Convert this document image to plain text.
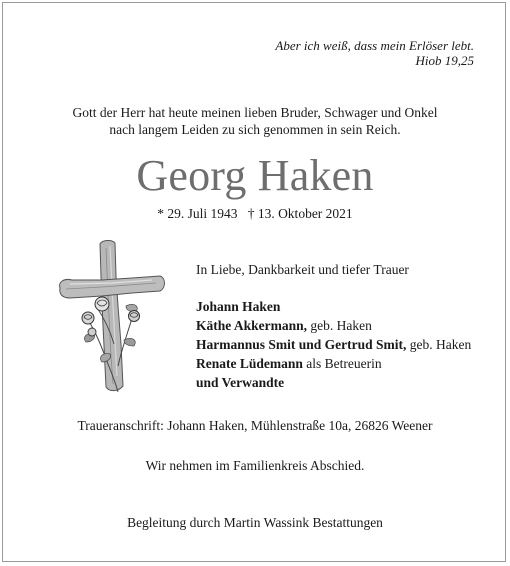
Aber ich weiß, dass mein Erlöser lebt.
Hiob 19,25
Gott der Herr hat heute meinen lieben Bruder, Schwager und Onkel
nach langem Leiden zu sich genommen in sein Reich.
Georg Haken
* 29. Juli 1943 † 13. Oktober 2021
In Liebe, Dankbarkeit und tiefer Trauer
Johann Haken
Käthe Akkermann, geb. Haken
Harmannus Smit und Gertrud Smit, geb. Haken
Renate Lüdemann als Betreuerin
und Verwandte
Traueranschrift: Johann Haken, Mühlenstraße 10a, 26826 Weener
Wir nehmen im Familienkreis Abschied.
Begleitung durch Martin Wassink Bestattungen
